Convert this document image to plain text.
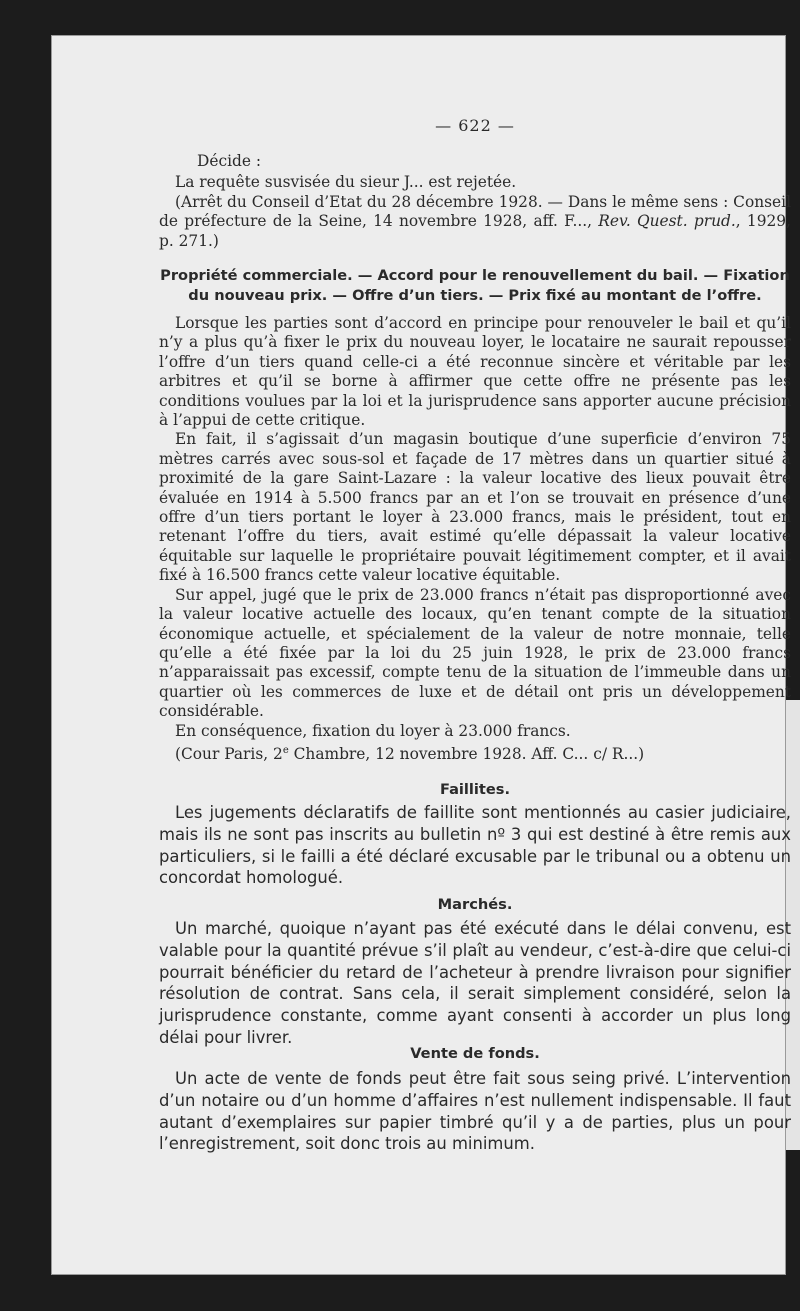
— 622 —

Décide :

La requête susvisée du sieur J... est rejetée.

(Arrêt du Conseil d’Etat du 28 décembre 1928. — Dans le même sens : Conseil de préfecture de la Seine, 14 novembre 1928, aff. F..., Rev. Quest. prud., 1929, p. 271.)

Propriété commerciale. — Accord pour le renouvellement du bail. — Fixation du nouveau prix. — Offre d’un tiers. — Prix fixé au montant de l’offre.

Lorsque les parties sont d’accord en principe pour renouveler le bail et qu’il n’y a plus qu’à fixer le prix du nouveau loyer, le locataire ne saurait repousser l’offre d’un tiers quand celle-ci a été reconnue sincère et véritable par les arbitres et qu’il se borne à affirmer que cette offre ne présente pas les conditions voulues par la loi et la jurisprudence sans apporter aucune précision à l’appui de cette critique.

En fait, il s’agissait d’un magasin boutique d’une superficie d’environ 75 mètres carrés avec sous-sol et façade de 17 mètres dans un quartier situé à proximité de la gare Saint-Lazare : la valeur locative des lieux pouvait être évaluée en 1914 à 5.500 francs par an et l’on se trouvait en présence d’une offre d’un tiers portant le loyer à 23.000 francs, mais le président, tout en retenant l’offre du tiers, avait estimé qu’elle dépassait la valeur locative équitable sur laquelle le propriétaire pouvait légitimement compter, et il avait fixé à 16.500 francs cette valeur locative équitable.

Sur appel, jugé que le prix de 23.000 francs n’était pas disproportionné avec la valeur locative actuelle des locaux, qu’en tenant compte de la situation économique actuelle, et spécialement de la valeur de notre monnaie, telle qu’elle a été fixée par la loi du 25 juin 1928, le prix de 23.000 francs n’apparaissait pas excessif, compte tenu de la situation de l’immeuble dans un quartier où les commerces de luxe et de détail ont pris un développement considérable.

En conséquence, fixation du loyer à 23.000 francs.

(Cour Paris, 2e Chambre, 12 novembre 1928. Aff. C... c/ R...)

Faillites.

Les jugements déclaratifs de faillite sont mentionnés au casier judiciaire, mais ils ne sont pas inscrits au bulletin nº 3 qui est destiné à être remis aux particuliers, si le failli a été déclaré excusable par le tribunal ou a obtenu un concordat homologué.

Marchés.

Un marché, quoique n’ayant pas été exécuté dans le délai convenu, est valable pour la quantité prévue s’il plaît au vendeur, c’est-à-dire que celui-ci pourrait bénéficier du retard de l’acheteur à prendre livraison pour signifier résolution de contrat. Sans cela, il serait simplement considéré, selon la jurisprudence constante, comme ayant consenti à accorder un plus long délai pour livrer.

Vente de fonds.

Un acte de vente de fonds peut être fait sous seing privé. L’intervention d’un notaire ou d’un homme d’affaires n’est nullement indispensable. Il faut autant d’exemplaires sur papier timbré qu’il y a de parties, plus un pour l’enregistrement, soit donc trois au minimum.
